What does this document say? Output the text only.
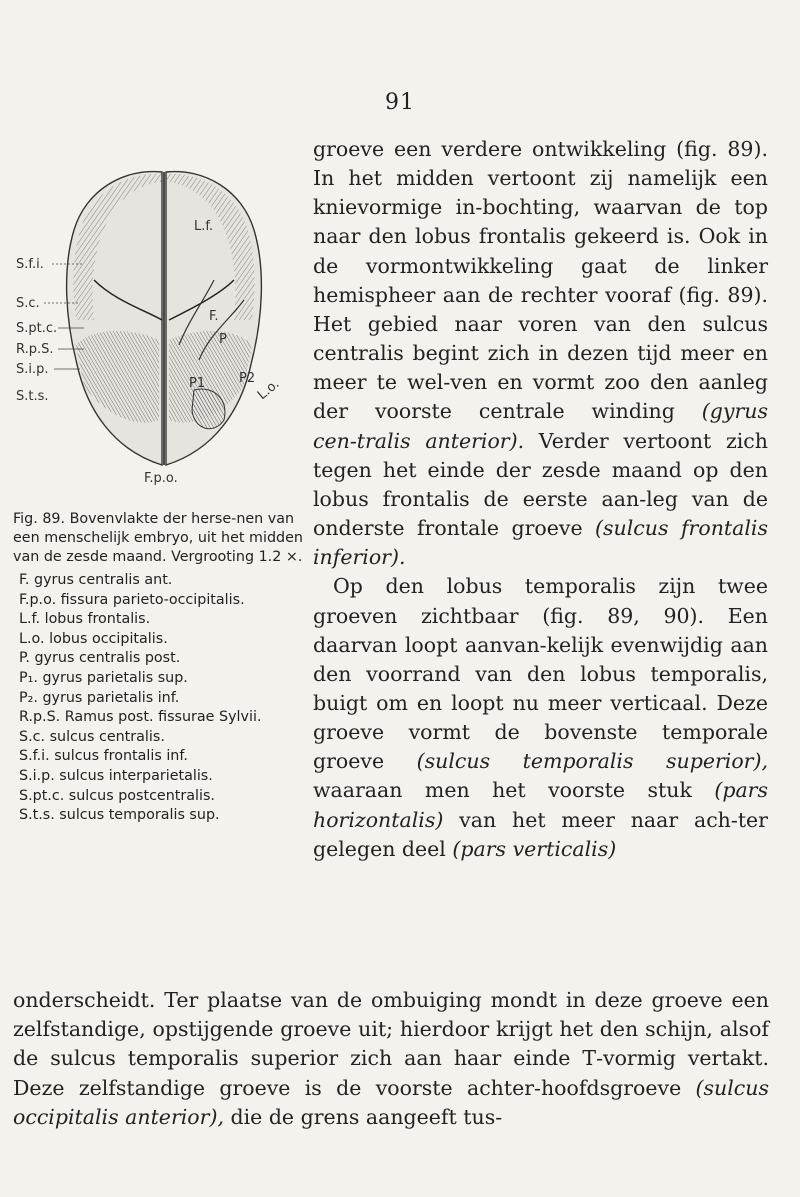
91
S.f.i.
S.c.
S.pt.c.
R.p.S.
S.i.p.
S.t.s.
L.f.
F.
P
P1	P2 L.o.
F.p.o.

Fig. 89. Bovenvlakte der herse‑nen van een menschelijk embryo, uit het midden van de zesde maand. Vergrooting 1.2 ×.

F. gyrus centralis ant.
F.p.o. fissura parieto‑occipitalis.
L.f. lobus frontalis.
L.o. lobus occipitalis.
P. gyrus centralis post.
P₁. gyrus parietalis sup.
P₂. gyrus parietalis inf.
R.p.S. Ramus post. fissurae Sylvii.
S.c. sulcus centralis.
S.f.i. sulcus frontalis inf.
S.i.p. sulcus interparietalis.
S.pt.c. sulcus postcentralis.
S.t.s. sulcus temporalis sup.

groeve een verdere ontwikkeling (fig. 89). In het midden vertoont zij namelijk een knievormige in‑bochting, waarvan de top naar den lobus frontalis gekeerd is. Ook in de vormontwikkeling gaat de linker hemispheer aan de rechter vooraf (fig. 89). Het gebied naar voren van den sulcus centralis begint zich in dezen tijd meer en meer te wel‑ven en vormt zoo den aanleg der voorste centrale winding (gyrus cen‑tralis anterior). Verder vertoont zich tegen het einde der zesde maand op den lobus frontalis de eerste aan‑leg van de onderste frontale groeve (sulcus frontalis inferior).

Op den lobus temporalis zijn twee groeven zichtbaar (fig. 89, 90). Een daarvan loopt aanvan‑kelijk evenwijdig aan den voorrand van den lobus temporalis, buigt om en loopt nu meer verticaal. Deze groeve vormt de bovenste temporale groeve (sulcus temporalis superior), waaraan men het voorste stuk (pars horizontalis) van het meer naar ach‑ter gelegen deel (pars verticalis)

onderscheidt. Ter plaatse van de ombuiging mondt in deze groeve een zelfstandige, opstijgende groeve uit; hierdoor krijgt het den schijn, alsof de sulcus temporalis superior zich aan haar einde T‑vormig vertakt. Deze zelfstandige groeve is de voorste achter‑hoofdsgroeve (sulcus occipitalis anterior), die de grens aangeeft tus‑
